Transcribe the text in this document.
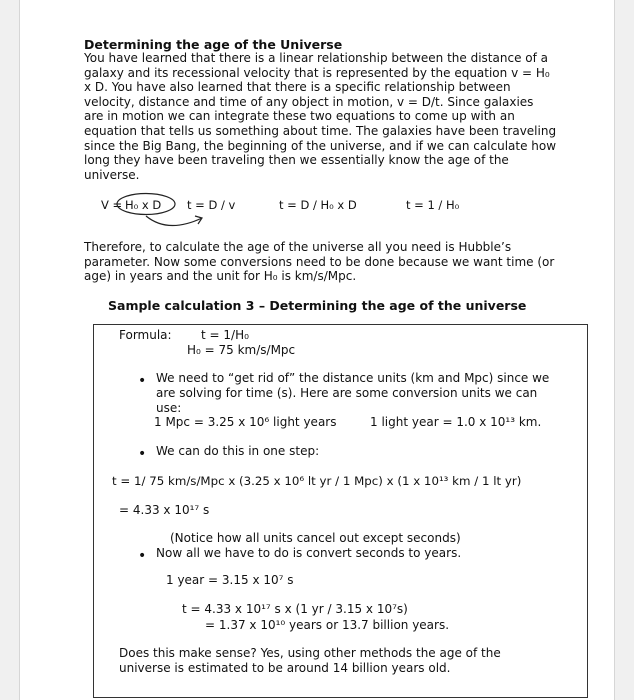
Determining the age of the Universe
You have learned that there is a linear relationship between the distance of a
galaxy and its recessional velocity that is represented by the equation v = H₀
x D. You have also learned that there is a specific relationship between
velocity, distance and time of any object in motion, v = D/t. Since galaxies
are in motion we can integrate these two equations to come up with an
equation that tells us something about time. The galaxies have been traveling
since the Big Bang, the beginning of the universe, and if we can calculate how
long they have been traveling then we essentially know the age of the
universe.
V = H₀ x D t = D / v	t = D / H₀ x D	t = 1 / H₀
Therefore, to calculate the age of the universe all you need is Hubble’s
parameter. Now some conversions need to be done because we want time (or
age) in years and the unit for H₀ is km/s/Mpc.
Sample calculation 3 – Determining the age of the universe
Formula: t = 1/H₀
H₀ = 75 km/s/Mpc
• We need to “get rid of” the distance units (km and Mpc) since we
are solving for time (s). Here are some conversion units we can
use:
1 Mpc = 3.25 x 10⁶ light years	1 light year = 1.0 x 10¹³ km.
• We can do this in one step:
t = 1/ 75 km/s/Mpc x (3.25 x 10⁶ lt yr / 1 Mpc) x (1 x 10¹³ km / 1 lt yr)
= 4.33 x 10¹⁷ s
(Notice how all units cancel out except seconds)
• Now all we have to do is convert seconds to years.
1 year = 3.15 x 10⁷ s
t = 4.33 x 10¹⁷ s x (1 yr / 3.15 x 10⁷s)
= 1.37 x 10¹⁰ years or 13.7 billion years.
Does this make sense? Yes, using other methods the age of the
universe is estimated to be around 14 billion years old.
